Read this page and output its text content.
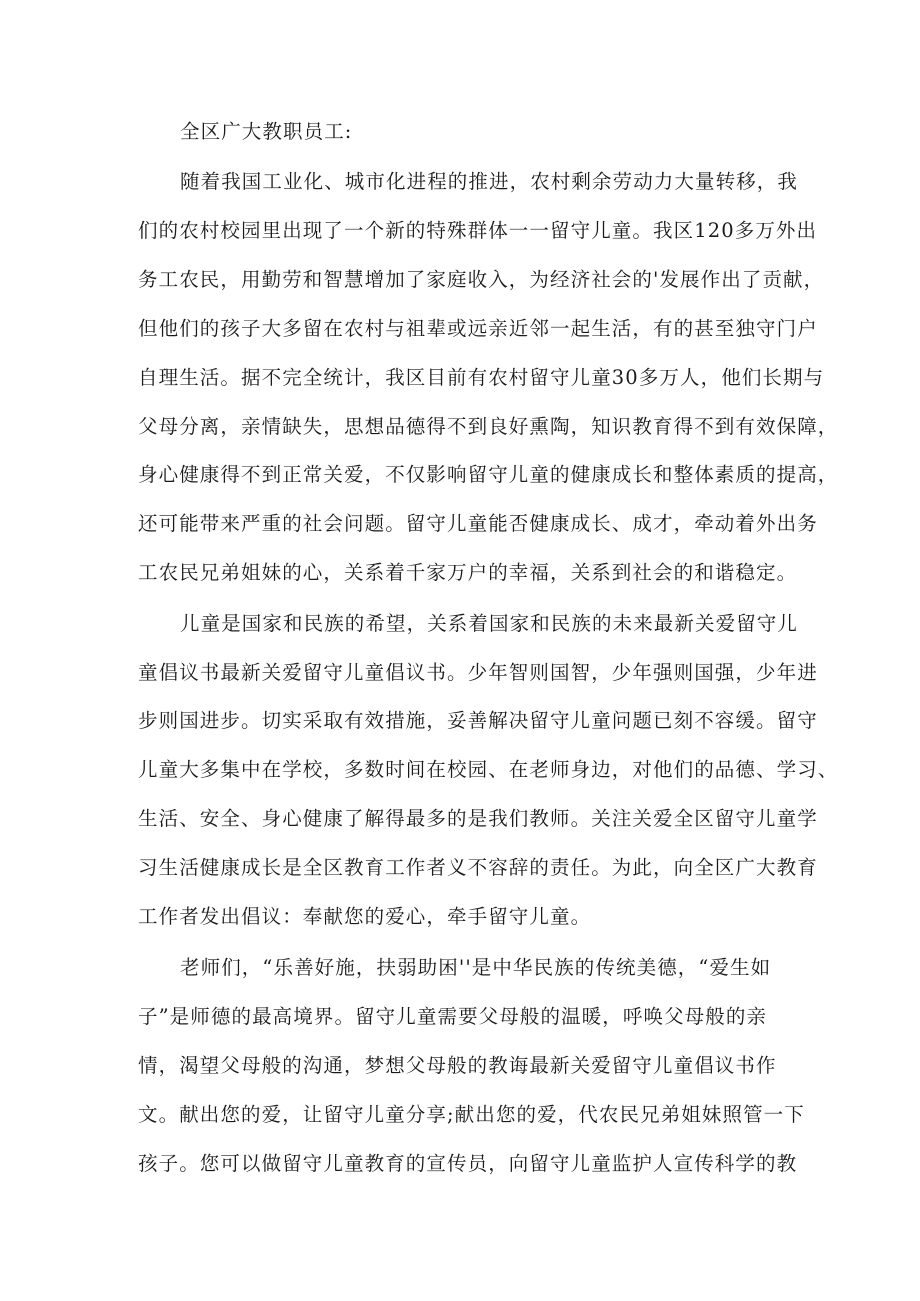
全区广大教职员工:
随着我国工业化、城市化进程的推进，农村剩余劳动力大量转移，我
们的农村校园里出现了一个新的特殊群体一一留守儿童。我区120多万外出
务工农民，用勤劳和智慧增加了家庭收入，为经济社会的'发展作出了贡献，
但他们的孩子大多留在农村与祖辈或远亲近邻一起生活，有的甚至独守门户
自理生活。据不完全统计，我区目前有农村留守儿童30多万人，他们长期与
父母分离，亲情缺失，思想品德得不到良好熏陶，知识教育得不到有效保障，
身心健康得不到正常关爱，不仅影响留守儿童的健康成长和整体素质的提高，
还可能带来严重的社会问题。留守儿童能否健康成长、成才，牵动着外出务
工农民兄弟姐妹的心，关系着千家万户的幸福，关系到社会的和谐稳定。
儿童是国家和民族的希望，关系着国家和民族的未来最新关爱留守儿
童倡议书最新关爱留守儿童倡议书。少年智则国智，少年强则国强，少年进
步则国进步。切实采取有效措施，妥善解决留守儿童问题已刻不容缓。留守
儿童大多集中在学校，多数时间在校园、在老师身边，对他们的品德、学习、
生活、安全、身心健康了解得最多的是我们教师。关注关爱全区留守儿童学
习生活健康成长是全区教育工作者义不容辞的责任。为此，向全区广大教育
工作者发出倡议：奉献您的爱心，牵手留守儿童。
老师们，“乐善好施，扶弱助困''是中华民族的传统美德，“爱生如
子”是师德的最高境界。留守儿童需要父母般的温暖，呼唤父母般的亲
情，渴望父母般的沟通，梦想父母般的教诲最新关爱留守儿童倡议书作
文。献出您的爱，让留守儿童分享;献出您的爱，代农民兄弟姐妹照管一下
孩子。您可以做留守儿童教育的宣传员，向留守儿童监护人宣传科学的教
